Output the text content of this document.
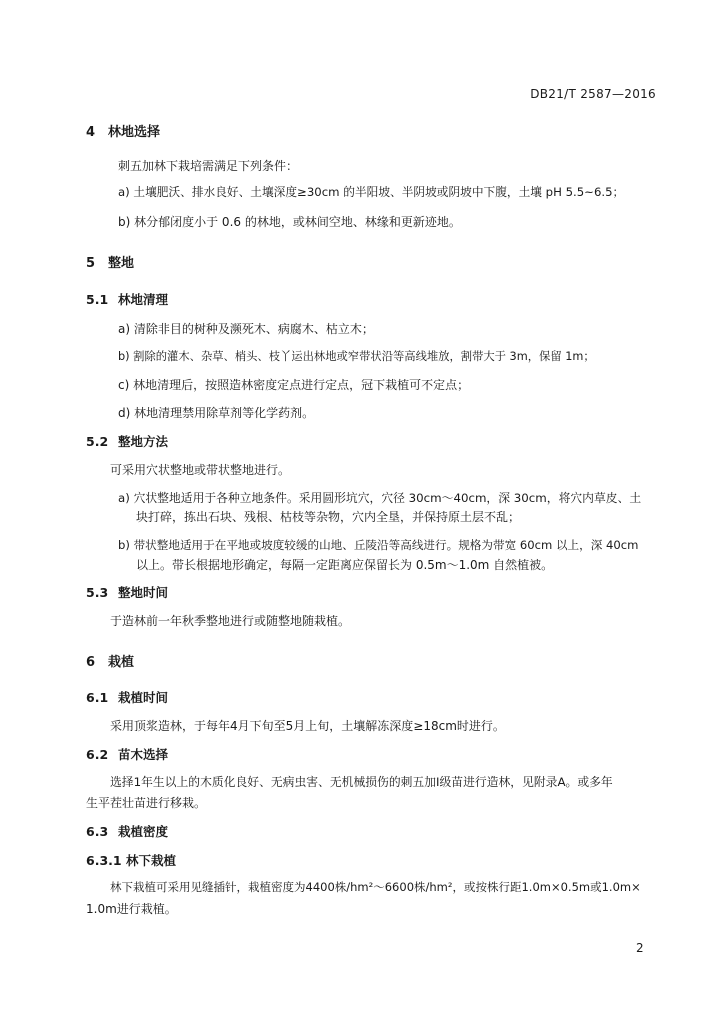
DB21/T 2587—2016
4 林地选择
刺五加林下栽培需满足下列条件：
a) 土壤肥沃、排水良好、土壤深度≥30cm 的半阳坡、半阴坡或阴坡中下腹，土壤 pH 5.5~6.5；
b) 林分郁闭度小于 0.6 的林地，或林间空地、林缘和更新迹地。
5 整地
5.1 林地清理
a) 清除非目的树种及濒死木、病腐木、枯立木；
b) 割除的灌木、杂草、梢头、枝丫运出林地或窄带状沿等高线堆放，割带大于 3m，保留 1m；
c) 林地清理后，按照造林密度定点进行定点，冠下栽植可不定点；
d) 林地清理禁用除草剂等化学药剂。
5.2 整地方法
可采用穴状整地或带状整地进行。
a) 穴状整地适用于各种立地条件。采用圆形坑穴，穴径 30cm～40cm，深 30cm，将穴内草皮、土
块打碎，拣出石块、残根、枯枝等杂物，穴内全垦，并保持原土层不乱；
b) 带状整地适用于在平地或坡度较缓的山地、丘陵沿等高线进行。规格为带宽 60cm 以上，深 40cm
以上。带长根据地形确定，每隔一定距离应保留长为 0.5m～1.0m 自然植被。
5.3 整地时间
于造林前一年秋季整地进行或随整地随栽植。
6 栽植
6.1 栽植时间
采用顶浆造林，于每年4月下旬至5月上旬，土壤解冻深度≥18cm时进行。
6.2 苗木选择
选择1年生以上的木质化良好、无病虫害、无机械损伤的刺五加Ⅰ级苗进行造林，见附录A。或多年
生平茬壮苗进行移栽。
6.3 栽植密度
6.3.1 林下栽植
林下栽植可采用见缝插针，栽植密度为4400株/hm²～6600株/hm²，或按株行距1.0m×0.5m或1.0m×
1.0m进行栽植。
2
